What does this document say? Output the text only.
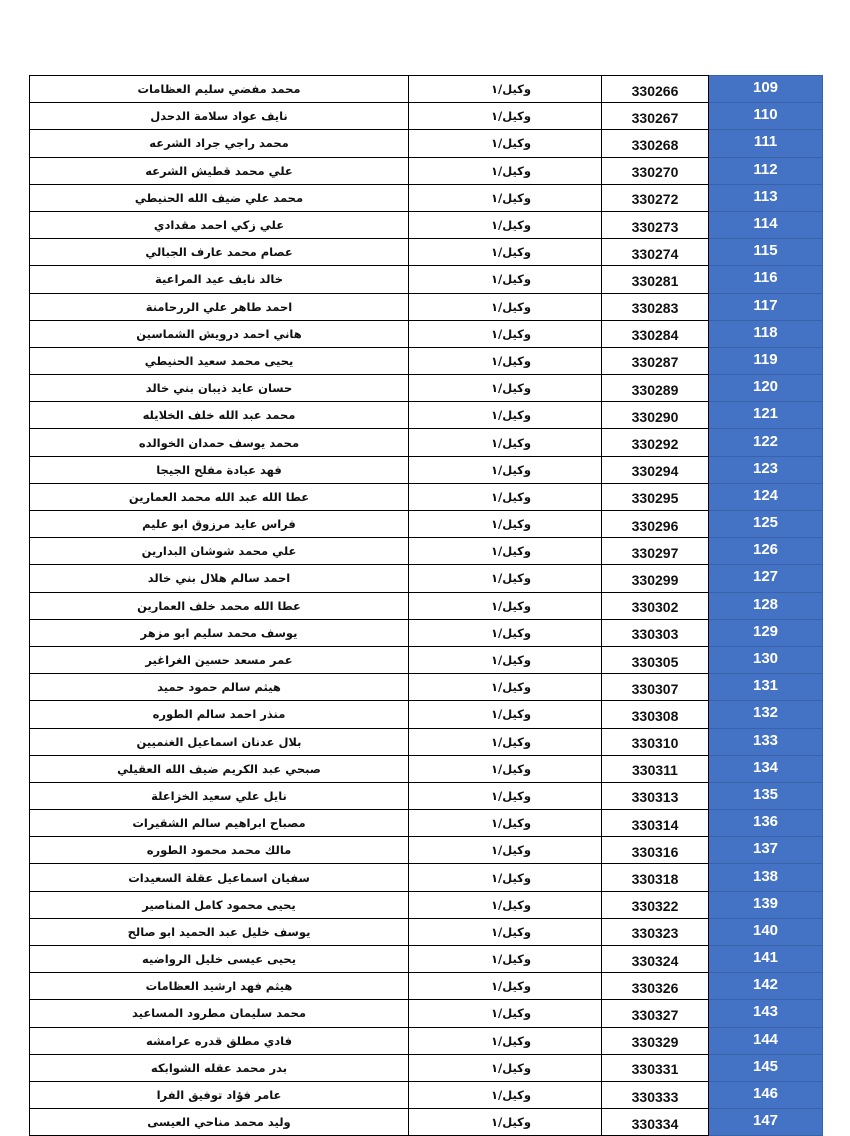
محمد مفضي سليم العظامات	وكيل/١	330266	109
نايف عواد سلامة الدحدل	وكيل/١	330267	110
محمد راجي جراد الشرعه	وكيل/١	330268	111
علي محمد قطيش الشرعه	وكيل/١	330270	112
محمد علي ضيف الله الحنيطي	وكيل/١	330272	113
علي زكي احمد مقدادي	وكيل/١	330273	114
عصام محمد عارف الجبالي	وكيل/١	330274	115
خالد نايف عيد المراعية	وكيل/١	330281	116
احمد طاهر علي الررحامنة	وكيل/١	330283	117
هاني احمد درويش الشماسين	وكيل/١	330284	118
يحيى محمد سعيد الحنيطي	وكيل/١	330287	119
حسان عايد ذيبان بني خالد	وكيل/١	330289	120
محمد عبد الله خلف الخلايله	وكيل/١	330290	121
محمد يوسف حمدان الخوالده	وكيل/١	330292	122
فهد عيادة مفلح الجيجا	وكيل/١	330294	123
عطا الله عبد الله محمد العمارين	وكيل/١	330295	124
فراس عايد مرزوق ابو عليم	وكيل/١	330296	125
علي محمد شوشان البدارين	وكيل/١	330297	126
احمد سالم هلال بني خالد	وكيل/١	330299	127
عطا الله محمد خلف العمارين	وكيل/١	330302	128
يوسف محمد سليم ابو مزهر	وكيل/١	330303	129
عمر مسعد حسين الغراغير	وكيل/١	330305	130
هيثم سالم حمود حميد	وكيل/١	330307	131
منذر احمد سالم الطوره	وكيل/١	330308	132
بلال عدنان اسماعيل الغنميين	وكيل/١	330310	133
صبحي عبد الكريم ضيف الله العقيلي	وكيل/١	330311	134
نايل علي سعيد الخزاعلة	وكيل/١	330313	135
مصباح ابراهيم سالم الشقيرات	وكيل/١	330314	136
مالك محمد محمود الطوره	وكيل/١	330316	137
سفيان اسماعيل عقلة السعيدات	وكيل/١	330318	138
يحيى محمود كامل المناصير	وكيل/١	330322	139
يوسف خليل عبد الحميد ابو صالح	وكيل/١	330323	140
يحيى عيسى خليل الرواضيه	وكيل/١	330324	141
هيثم فهد ارشيد العظامات	وكيل/١	330326	142
محمد سليمان مطرود المساعيد	وكيل/١	330327	143
فادي مطلق قدره عرامشه	وكيل/١	330329	144
بدر محمد عقله الشوابكه	وكيل/١	330331	145
عامر فؤاد توفيق الفرا	وكيل/١	330333	146
وليد محمد مناحي العيسى	وكيل/١	330334	147
